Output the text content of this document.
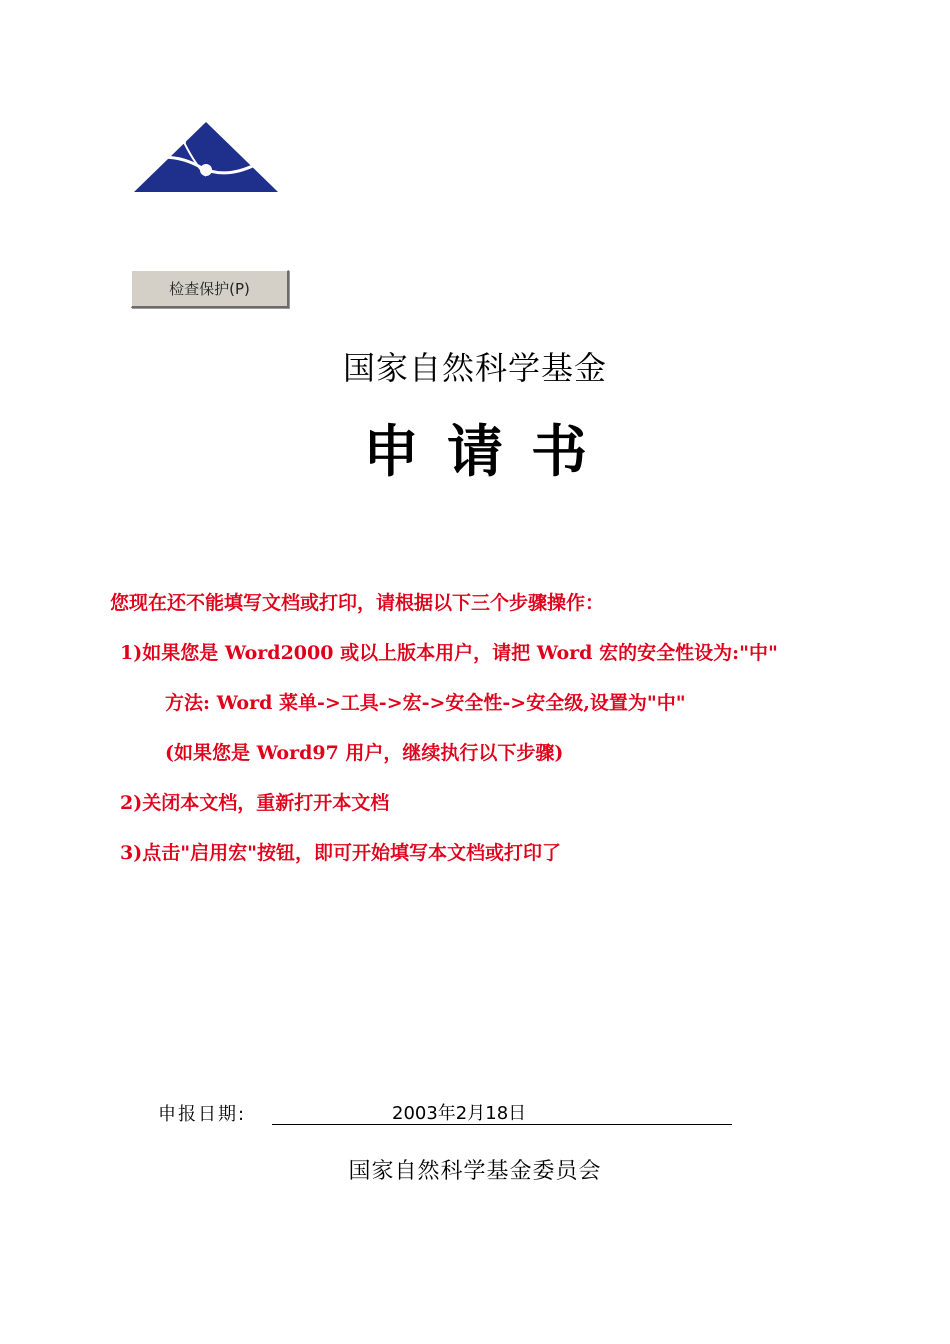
检查保护(P)
国家自然科学基金
申请书
您现在还不能填写文档或打印，请根据以下三个步骤操作：
1)如果您是 Word2000 或以上版本用户，请把 Word 宏的安全性设为:"中"
方法: Word 菜单->工具->宏->安全性->安全级,设置为"中"
(如果您是 Word97 用户，继续执行以下步骤)
2)关闭本文档，重新打开本文档
3)点击"启用宏"按钮，即可开始填写本文档或打印了
申报日期:	2003年2月18日
国家自然科学基金委员会
